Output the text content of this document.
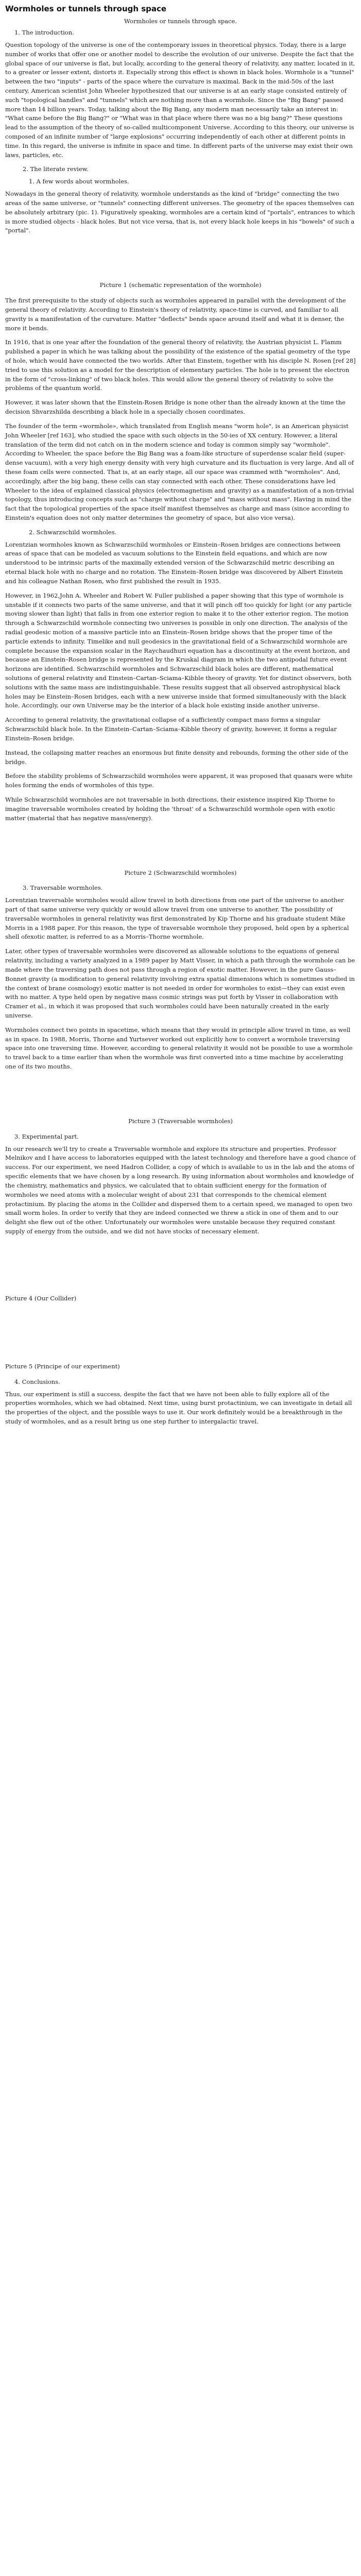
Wormholes or tunnels through space
Wormholes or tunnels through space.
1. The introduction.

Question topology of the universe is one of the contemporary issues in theoretical physics. Today, there is a large number of works that offer one or another model to describe the evolution of our universe. Despite the fact that the global space of our universe is flat, but locally, according to the general theory of relativity, any matter, located in it, to a greater or lesser extent, distorts it. Especially strong this effect is shown in black holes. Wormhole is a "tunnel" between the two "inputs" - parts of the space where the curvature is maximal. Back in the mid-50s of the last century, American scientist John Wheeler hypothesized that our universe is at an early stage consisted entirely of such "topological handles" and "tunnels" which are nothing more than a wormhole. Since the "Big Bang" passed more than 14 billion years. Today, talking about the Big Bang, any modern man necessarily take an interest in: "What came before the Big Bang?" or "What was in that place where there was no a big bang?" These questions lead to the assumption of the theory of so-called multicomponent Universe. According to this theory, our universe is composed of an infinite number of "large explosions" occurring independently of each other at different points in time. In this regard, the universe is infinite in space and time. In different parts of the universe may exist their own laws, particles, etc.

2. The literate review.
1. A few words about wormholes.

Nowadays in the general theory of relativity, wormhole understands as the kind of "bridge" connecting the two areas of the same universe, or "tunnels" connecting different universes. The geometry of the spaces themselves can be absolutely arbitrary (pic. 1). Figuratively speaking, wormholes are a certain kind of "portals", entrances to which is more studied objects - black holes. But not vice versa, that is, not every black hole keeps in his "bowels" of such a "portal".

Picture 1 (schematic representation of the wormhole)

The first prerequisite to the study of objects such as wormholes appeared in parallel with the development of the general theory of relativity. According to Einstein's theory of relativity, space-time is curved, and familiar to all gravity is a manifestation of the curvature. Matter "deflects" bends space around itself and what it is denser, the more it bends.

In 1916, that is one year after the foundation of the general theory of relativity, the Austrian physicist L. Flamm published a paper in which he was talking about the possibility of the existence of the spatial geometry of the type of hole, which would have connected the two worlds. After that Einstein, together with his disciple N. Rosen [ref 28] tried to use this solution as a model for the description of elementary particles. The hole is to present the electron in the form of "cross-linking" of two black holes. This would allow the general theory of relativity to solve the problems of the quantum world.

However, it was later shown that the Einstein-Rosen Bridge is none other than the already known at the time the decision Shvarzshilda describing a black hole in a specially chosen coordinates.

The founder of the term «wormhole», which translated from English means "worm hole", is an American physicist John Wheeler [ref 163], who studied the space with such objects in the 50-ies of XX century. However, a literal translation of the term did not catch on in the modern science and today is common simply say "wormhole". According to Wheeler, the space before the Big Bang was a foam-like structure of superdense scalar field (super-dense vacuum), with a very high energy density with very high curvature and its fluctuation is very large. And all of these foam cells were connected. That is, at an early stage, all our space was crammed with "wormholes". And, accordingly, after the big bang, these cells can stay connected with each other. These considerations have led Wheeler to the idea of explained classical physics (electromagnetism and gravity) as a manifestation of a non-trivial topology, thus introducing concepts such as "charge without charge" and "mass without mass". Having in mind the fact that the topological properties of the space itself manifest themselves as charge and mass (since according to Einstein's equation does not only matter determines the geometry of space, but also vice versa).

2. Schwarzschild wormholes.

Lorentzian wormholes known as Schwarzschild wormholes or Einstein–Rosen bridges are connections between areas of space that can be modeled as vacuum solutions to the Einstein field equations, and which are now understood to be intrinsic parts of the maximally extended version of the Schwarzschild metric describing an eternal black hole with no charge and no rotation. The Einstein–Rosen bridge was discovered by Albert Einstein and his colleague Nathan Rosen, who first published the result in 1935.

However, in 1962,John A. Wheeler and Robert W. Fuller published a paper showing that this type of wormhole is unstable if it connects two parts of the same universe, and that it will pinch off too quickly for light (or any particle moving slower than light) that falls in from one exterior region to make it to the other exterior region. The motion through a Schwarzschild wormhole connecting two universes is possible in only one direction. The analysis of the radial geodesic motion of a massive particle into an Einstein–Rosen bridge shows that the proper time of the particle extends to infinity. Timelike and null geodesics in the gravitational field of a Schwarzschild wormhole are complete because the expansion scalar in the Raychaudhuri equation has a discontinuity at the event horizon, and because an Einstein–Rosen bridge is represented by the Kruskal diagram in which the two antipodal future event horizons are identified. Schwarzschild wormholes and Schwarzschild black holes are different, mathematical solutions of general relativity and Einstein–Cartan–Sciama–Kibble theory of gravity. Yet for distinct observers, both solutions with the same mass are indistinguishable. These results suggest that all observed astrophysical black holes may be Einstein–Rosen bridges, each with a new universe inside that formed simultaneously with the black hole. Accordingly, our own Universe may be the interior of a black hole existing inside another universe.

According to general relativity, the gravitational collapse of a sufficiently compact mass forms a singular Schwarzschild black hole. In the Einstein–Cartan–Sciama–Kibble theory of gravity, however, it forms a regular Einstein–Rosen bridge.

Instead, the collapsing matter reaches an enormous but finite density and rebounds, forming the other side of the bridge.

Before the stability problems of Schwarzschild wormholes were apparent, it was proposed that quasars were white holes forming the ends of wormholes of this type.

While Schwarzschild wormholes are not traversable in both directions, their existence inspired Kip Thorne to imagine traversable wormholes created by holding the 'throat' of a Schwarzschild wormhole open with exotic matter (material that has negative mass/energy).

Picture 2 (Schwarzschild wormholes)
3. Traversable wormholes.

Lorentzian traversable wormholes would allow travel in both directions from one part of the universe to another part of that same universe very quickly or would allow travel from one universe to another. The possibility of traversable wormholes in general relativity was first demonstrated by Kip Thorne and his graduate student Mike Morris in a 1988 paper. For this reason, the type of traversable wormhole they proposed, held open by a spherical shell ofexotic matter, is referred to as a Morris–Thorne wormhole.

Later, other types of traversable wormholes were discovered as allowable solutions to the equations of general relativity, including a variety analyzed in a 1989 paper by Matt Visser, in which a path through the wormhole can be made where the traversing path does not pass through a region of exotic matter. However, in the pure Gauss–Bonnet gravity (a modification to general relativity involving extra spatial dimensions which is sometimes studied in the context of brane cosmology) exotic matter is not needed in order for wormholes to exist—they can exist even with no matter. A type held open by negative mass cosmic strings was put forth by Visser in collaboration with Cramer et al., in which it was proposed that such wormholes could have been naturally created in the early universe.

Wormholes connect two points in spacetime, which means that they would in principle allow travel in time, as well as in space. In 1988, Morris, Thorne and Yurtsever worked out explicitly how to convert a wormhole traversing space into one traversing time. However, according to general relativity it would not be possible to use a wormhole to travel back to a time earlier than when the wormhole was first converted into a time machine by accelerating one of its two mouths.

Picture 3 (Traversable wormholes)
3. Experimental part.

In our research we'll try to create a Traversable wormhole and explore its structure and properties. Professor Melnikov and I have access to laboratories equipped with the latest technology and therefore have a good chance of success. For our experiment, we need Hadron Collider, a copy of which is available to us in the lab and the atoms of specific elements that we have chosen by a long research. By using information about wormholes and knowledge of the chemistry, mathematics and physics, we calculated that to obtain sufficient energy for the formation of wormholes we need atoms with a molecular weight of about 231 that corresponds to the chemical element protactinium. By placing the atoms in the Collider and dispersed them to a certain speed, we managed to open two small worm holes. In order to verify that they are indeed connected we threw a stick in one of them and to our delight she flew out of the other. Unfortunately our wormholes were unstable because they required constant supply of energy from the outside, and we did not have stocks of necessary element.

Picture 4 (Our Collider)
Picture 5 (Principe of our experiment)
4. Conclusions.

Thus, our experiment is still a success, despite the fact that we have not been able to fully explore all of the properties wormholes, which we had obtained. Next time, using burst protactinium, we can investigate in detail all the properties of the object, and the possible ways to use it. Our work definitely would be a breakthrough in the study of wormholes, and as a result bring us one step further to intergalactic travel.
